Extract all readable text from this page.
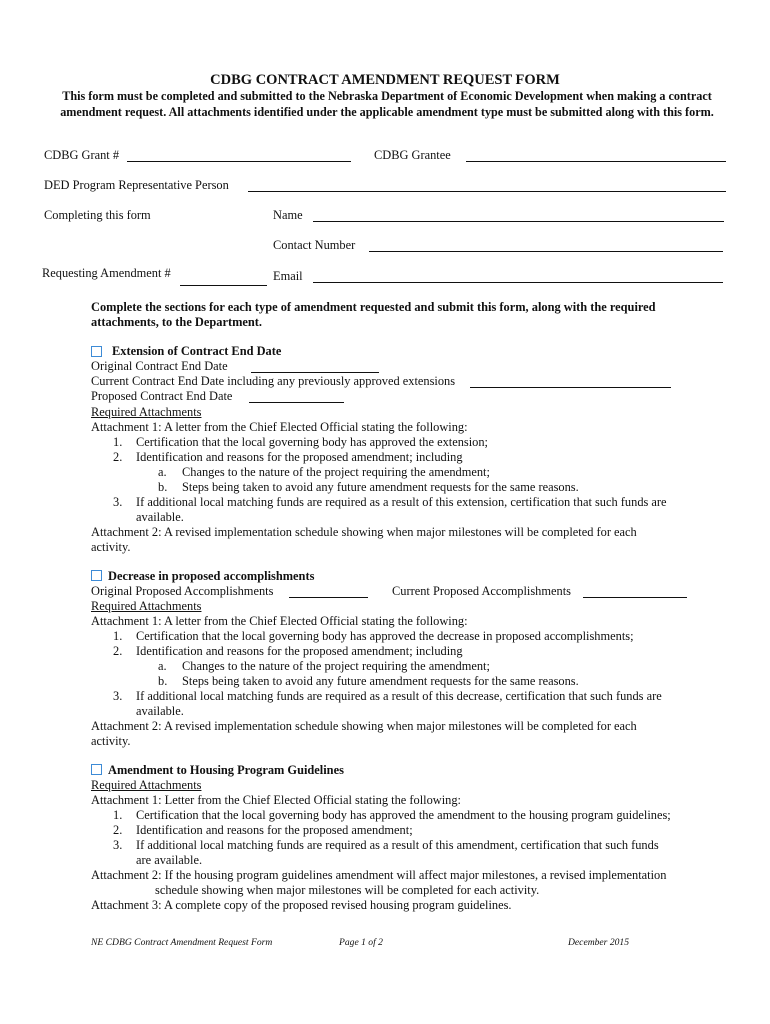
CDBG CONTRACT AMENDMENT REQUEST FORM
This form must be completed and submitted to the Nebraska Department of Economic Development when making a contract amendment request. All attachments identified under the applicable amendment type must be submitted along with this form.
CDBG Grant #	CDBG Grantee
DED Program Representative Person
Completing this form	Name
Contact Number
Requesting Amendment #	Email
Complete the sections for each type of amendment requested and submit this form, along with the required attachments, to the Department.
Extension of Contract End Date
Original Contract End Date
Current Contract End Date including any previously approved extensions
Proposed Contract End Date
Required Attachments
Attachment 1: A letter from the Chief Elected Official stating the following:
1. Certification that the local governing body has approved the extension;
2. Identification and reasons for the proposed amendment; including
a. Changes to the nature of the project requiring the amendment;
b. Steps being taken to avoid any future amendment requests for the same reasons.
3. If additional local matching funds are required as a result of this extension, certification that such funds are
available.
Attachment 2: A revised implementation schedule showing when major milestones will be completed for each
activity.
Decrease in proposed accomplishments
Original Proposed Accomplishments	Current Proposed Accomplishments
Required Attachments
Attachment 1: A letter from the Chief Elected Official stating the following:
1. Certification that the local governing body has approved the decrease in proposed accomplishments;
2. Identification and reasons for the proposed amendment; including
a. Changes to the nature of the project requiring the amendment;
b. Steps being taken to avoid any future amendment requests for the same reasons.
3. If additional local matching funds are required as a result of this decrease, certification that such funds are
available.
Attachment 2: A revised implementation schedule showing when major milestones will be completed for each
activity.
Amendment to Housing Program Guidelines
Required Attachments
Attachment 1: Letter from the Chief Elected Official stating the following:
1. Certification that the local governing body has approved the amendment to the housing program guidelines;
2. Identification and reasons for the proposed amendment;
3. If additional local matching funds are required as a result of this amendment, certification that such funds
are available.
Attachment 2: If the housing program guidelines amendment will affect major milestones, a revised implementation
schedule showing when major milestones will be completed for each activity.
Attachment 3: A complete copy of the proposed revised housing program guidelines.
NE CDBG Contract Amendment Request Form	Page 1 of 2	December 2015
